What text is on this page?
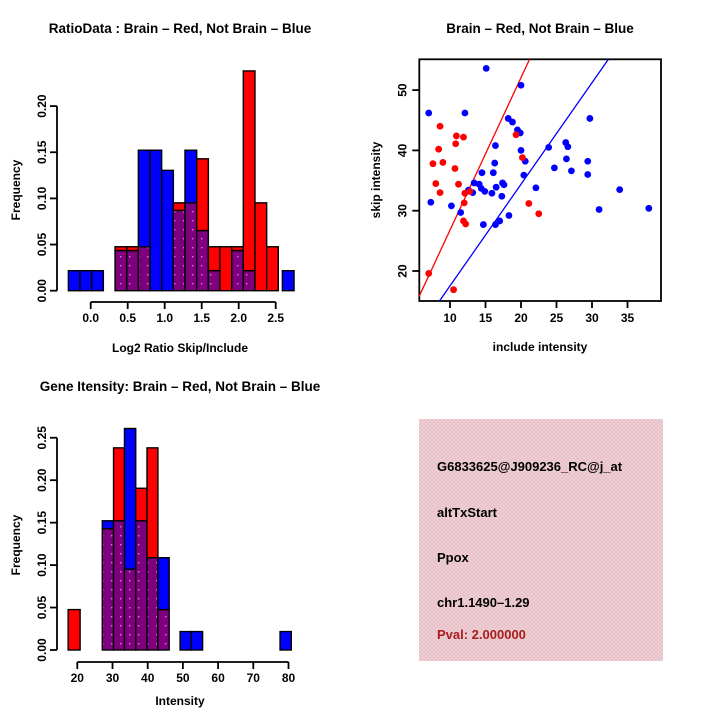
0.00
0.05
0.10
0.15
0.20
0.0 0.5 1.0 1.5 2.0 2.5
RatioData : Brain – Red, Not Brain – Blue
Log2 Ratio Skip/Include
Frequency
10 15 20 25 30 35
20
30
40
50
Brain – Red, Not Brain – Blue
include intensity
skip intensity
0.00
0.05
0.10
0.15
0.20
0.25
20 30 40 50 60 70 80
Gene Itensity: Brain – Red, Not Brain – Blue
Intensity
Frequency
G6833625@J909236_RC@j_at
altTxStart
Ppox
chr1.1490–1.29
Pval: 2.000000
